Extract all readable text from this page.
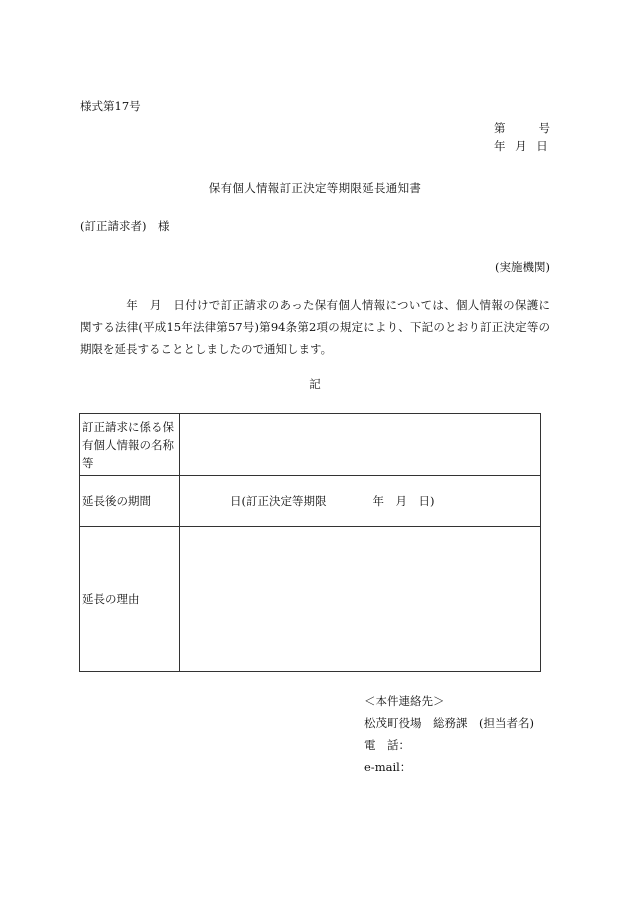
様式第17号
第	号
年 月 日
保有個人情報訂正決定等期限延長通知書
(訂正請求者)　様
(実施機関)
年　月　日付けで訂正請求のあった保有個人情報については、個人情報の保護に関する法律(平成15年法律第57号)第94条第2項の規定により、下記のとおり訂正決定等の期限を延長することとしましたので通知します。
記
訂正請求に係る保有個人情報の名称等	
延長後の期間	日(訂正決定等期限　　　　年　月　日)
延長の理由	
＜本件連絡先＞
松茂町役場　総務課　(担当者名)
電　話：
e-mail：
